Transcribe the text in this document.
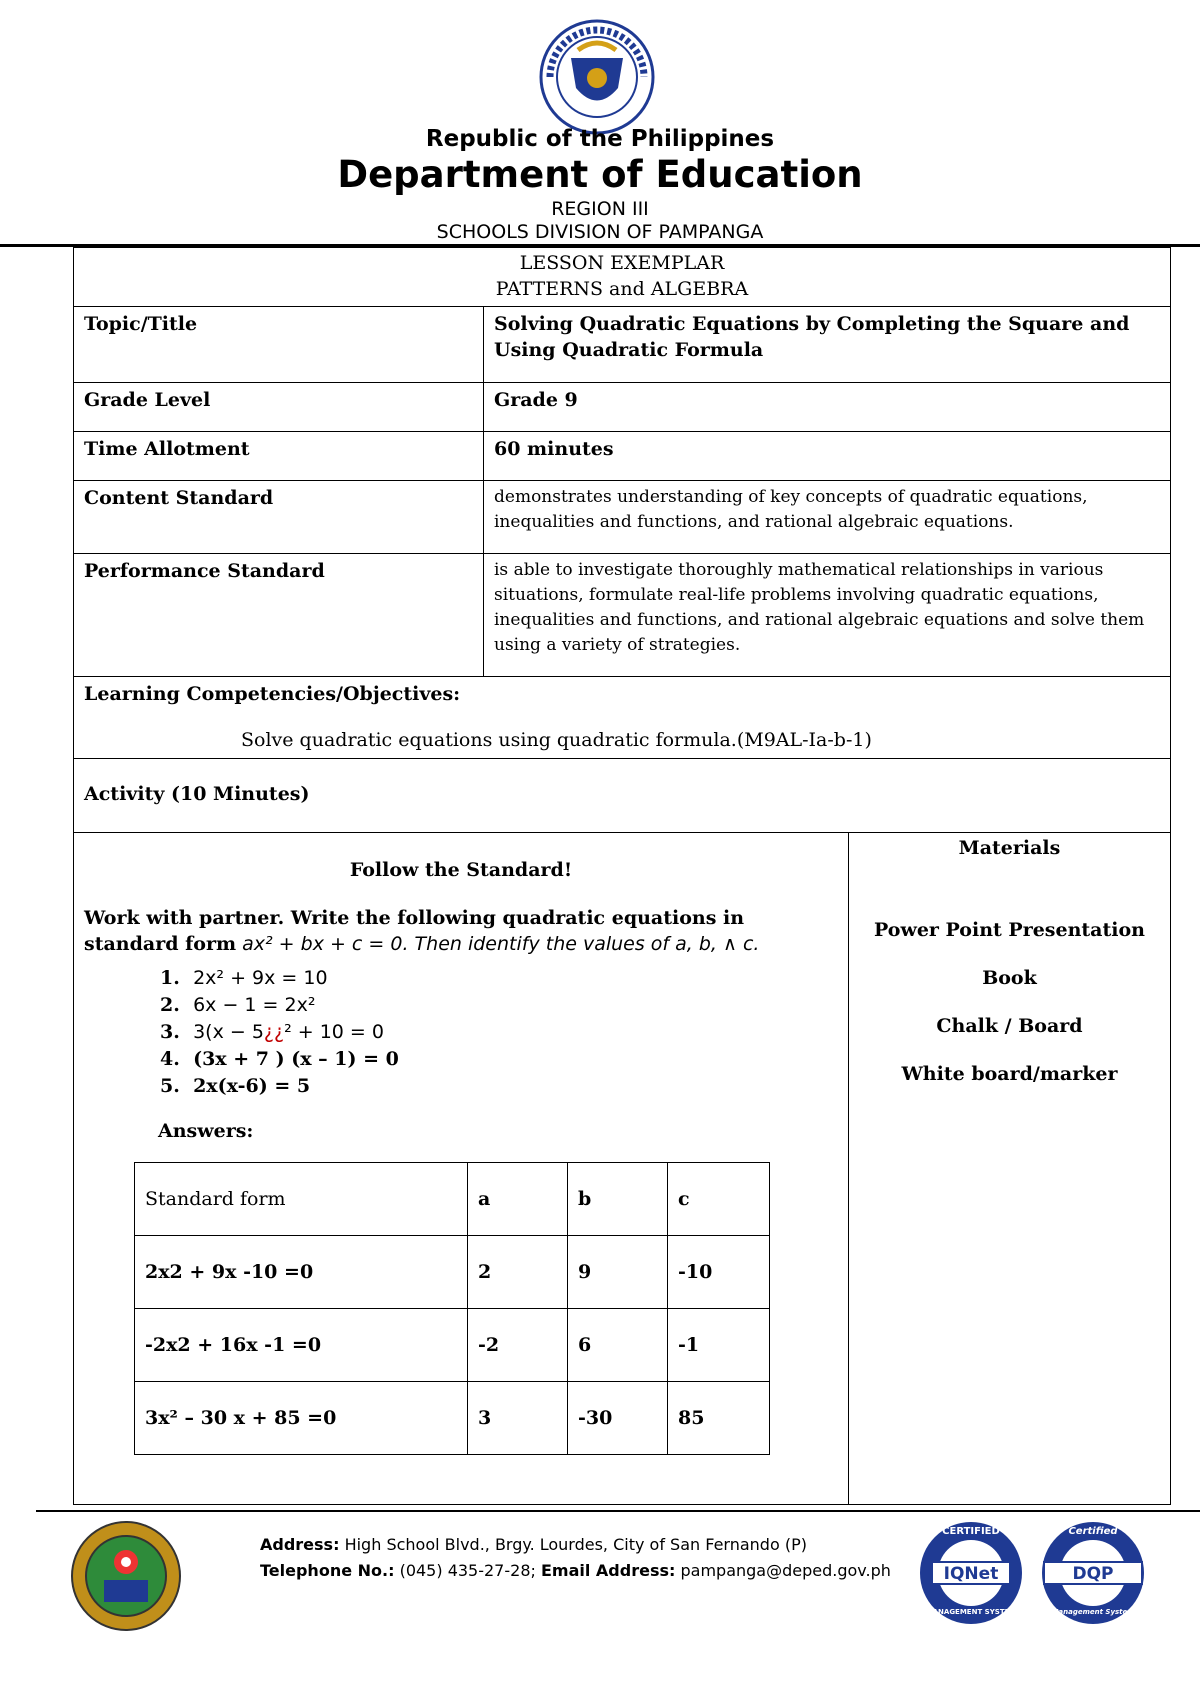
Republic of the Philippines
Department of Education
REGION III
SCHOOLS DIVISION OF PAMPANGA
LESSON EXEMPLAR
PATTERNS and ALGEBRA

Topic/Title	Solving Quadratic Equations by Completing the Square and Using Quadratic Formula
Grade Level	Grade 9
Time Allotment	60 minutes
Content Standard	demonstrates understanding of key concepts of quadratic equations, inequalities and functions, and rational algebraic equations.
Performance Standard	is able to investigate thoroughly mathematical relationships in various situations, formulate real-life problems involving quadratic equations, inequalities and functions, and rational algebraic equations and solve them using a variety of strategies.

Learning Competencies/Objectives:
Solve quadratic equations using quadratic formula.(M9AL-Ia-b-1)

Activity (10 Minutes)

Follow the Standard!
Work with partner. Write the following quadratic equations in standard form ax² + bx + c = 0. Then identify the values of a, b, ∧ c.
1. 2x² + 9x = 10
2. 6x − 1 = 2x²
3. 3(x − 5¿¿² + 10 = 0
4. (3x + 7 ) (x – 1) = 0
5. 2x(x-6) = 5
Answers:
Standard form	a	b	c
2x2 + 9x -10 =0	2	9	-10
-2x2 + 16x -1 =0	-2	6	-1
3x² – 30 x + 85 =0	3	-30	85

Materials
Power Point Presentation
Book
Chalk / Board
White board/marker
Address: High School Blvd., Brgy. Lourdes, City of San Fernando (P)
Telephone No.: (045) 435-27-28; Email Address: pampanga@deped.gov.ph
CERTIFIED
IQNet
MANAGEMENT SYSTEM
Certified
DQP
Management System
